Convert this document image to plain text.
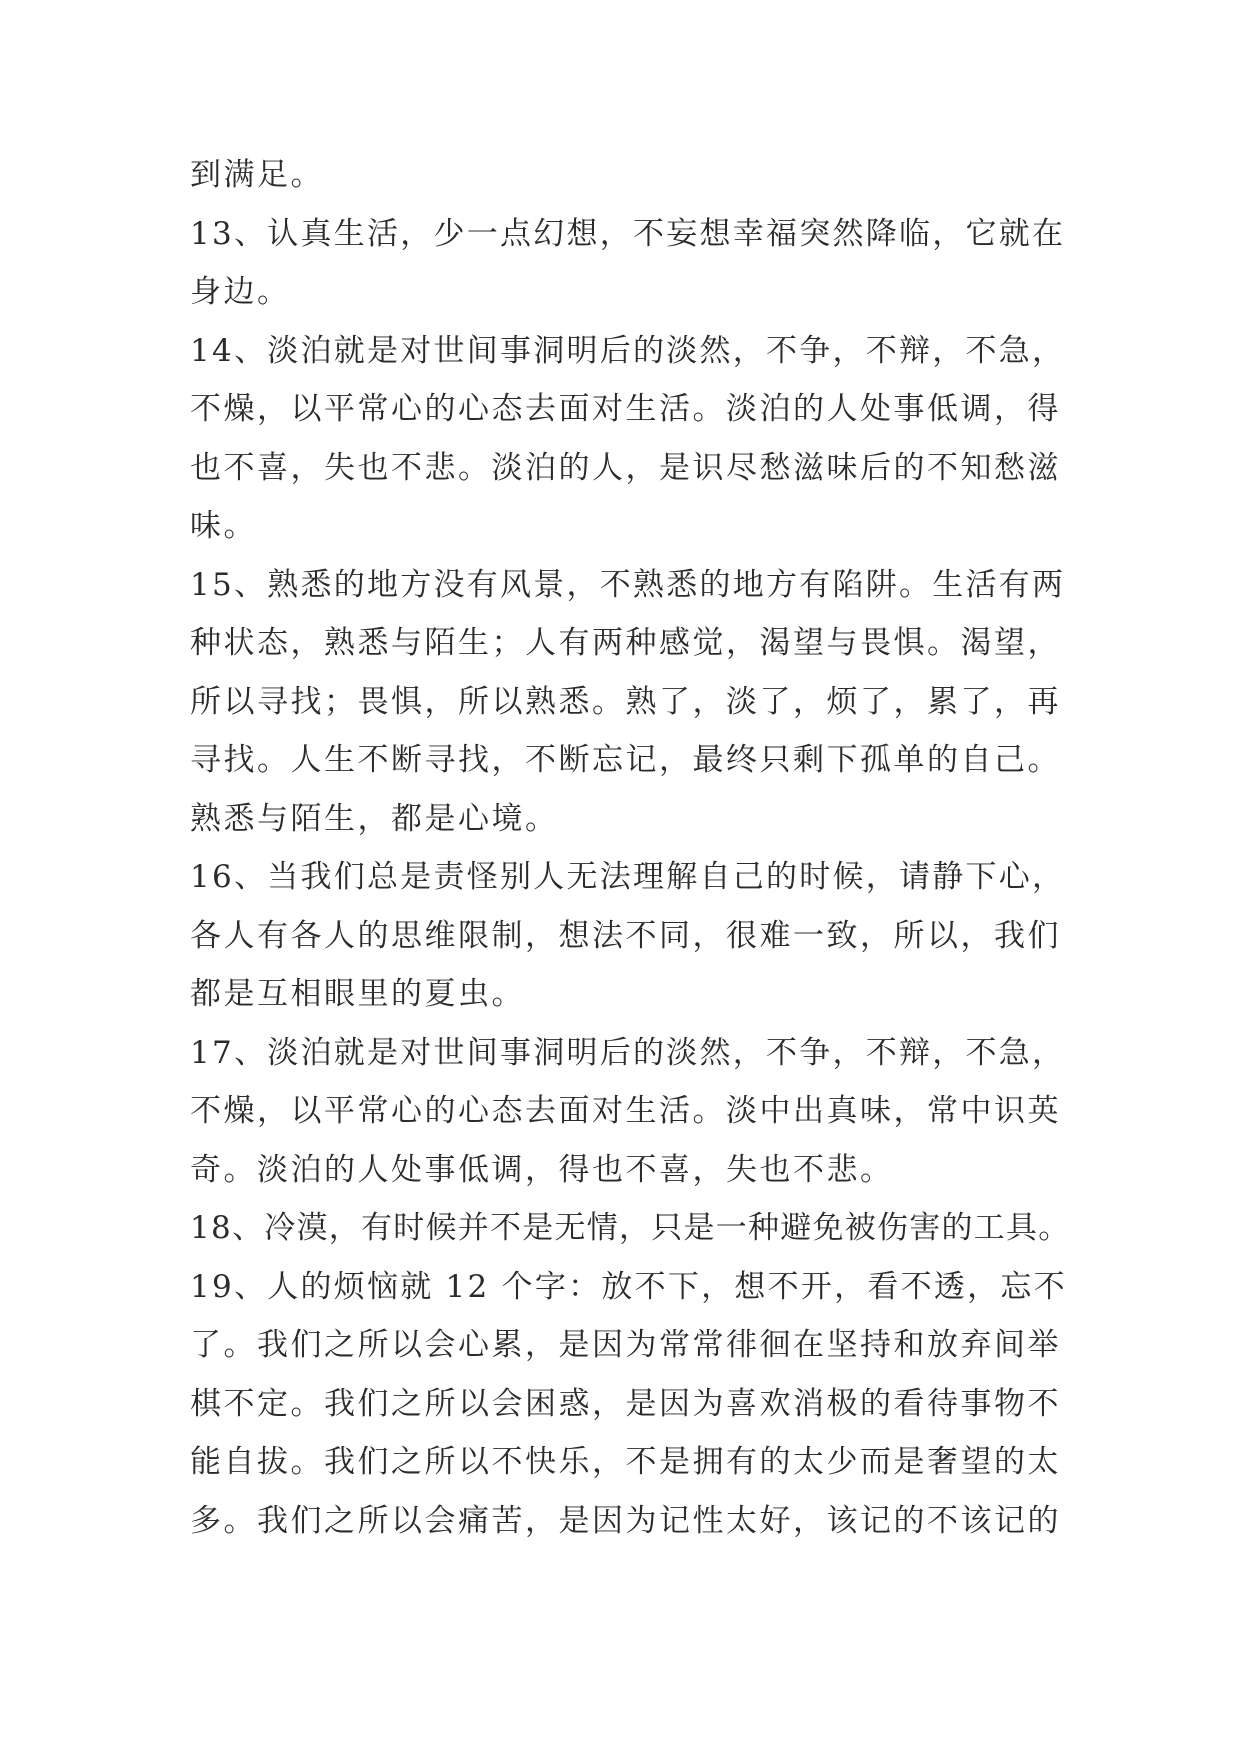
到满足。
13、认真生活，少一点幻想，不妄想幸福突然降临，它就在
身边。
14、淡泊就是对世间事洞明后的淡然，不争，不辩，不急，
不燥，以平常心的心态去面对生活。淡泊的人处事低调，得
也不喜，失也不悲。淡泊的人，是识尽愁滋味后的不知愁滋
味。
15、熟悉的地方没有风景，不熟悉的地方有陷阱。生活有两
种状态，熟悉与陌生；人有两种感觉，渴望与畏惧。渴望，
所以寻找；畏惧，所以熟悉。熟了，淡了，烦了，累了，再
寻找。人生不断寻找，不断忘记，最终只剩下孤单的自己。
熟悉与陌生，都是心境。
16、当我们总是责怪别人无法理解自己的时候，请静下心，
各人有各人的思维限制，想法不同，很难一致，所以，我们
都是互相眼里的夏虫。
17、淡泊就是对世间事洞明后的淡然，不争，不辩，不急，
不燥，以平常心的心态去面对生活。淡中出真味，常中识英
奇。淡泊的人处事低调，得也不喜，失也不悲。
18、冷漠，有时候并不是无情，只是一种避免被伤害的工具。
19、人的烦恼就 12 个字：放不下，想不开，看不透，忘不
了。我们之所以会心累，是因为常常徘徊在坚持和放弃间举
棋不定。我们之所以会困惑，是因为喜欢消极的看待事物不
能自拔。我们之所以不快乐，不是拥有的太少而是奢望的太
多。我们之所以会痛苦，是因为记性太好，该记的不该记的
